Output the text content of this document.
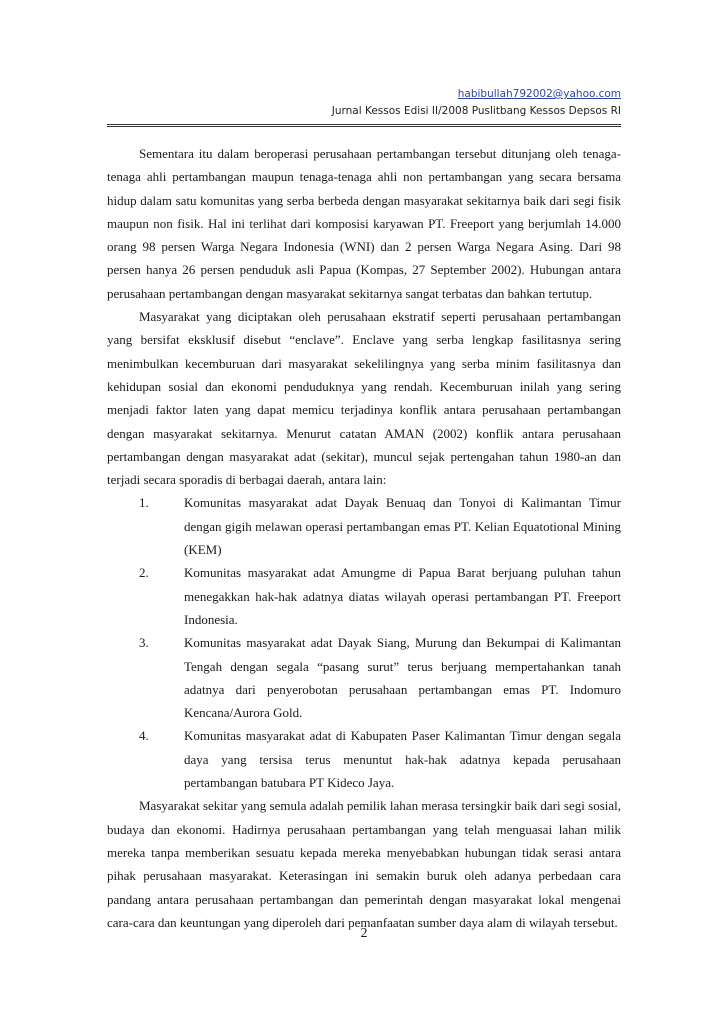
habibullah792002@yahoo.com
Jurnal Kessos Edisi II/2008 Puslitbang Kessos Depsos RI

Sementara itu dalam beroperasi perusahaan pertambangan tersebut ditunjang oleh tenaga-tenaga ahli pertambangan maupun tenaga-tenaga ahli non pertambangan yang secara bersama hidup dalam satu komunitas yang serba berbeda dengan masyarakat sekitarnya baik dari segi fisik maupun non fisik. Hal ini terlihat dari komposisi karyawan PT. Freeport yang berjumlah 14.000 orang 98 persen Warga Negara Indonesia (WNI) dan 2 persen Warga Negara Asing. Dari 98 persen hanya 26 persen penduduk asli Papua (Kompas, 27 September 2002). Hubungan antara perusahaan pertambangan dengan masyarakat sekitarnya sangat terbatas dan bahkan tertutup.

Masyarakat yang diciptakan oleh perusahaan ekstratif seperti perusahaan pertambangan yang bersifat eksklusif disebut “enclave”. Enclave yang serba lengkap fasilitasnya sering menimbulkan kecemburuan dari masyarakat sekelilingnya yang serba minim fasilitasnya dan kehidupan sosial dan ekonomi penduduknya yang rendah. Kecemburuan inilah yang sering menjadi faktor laten yang dapat memicu terjadinya konflik antara perusahaan pertambangan dengan masyarakat sekitarnya. Menurut catatan AMAN (2002) konflik antara perusahaan pertambangan dengan masyarakat adat (sekitar), muncul sejak pertengahan tahun 1980-an dan terjadi secara sporadis di berbagai daerah, antara lain:

1.	Komunitas masyarakat adat Dayak Benuaq dan Tonyoi di Kalimantan Timur dengan gigih melawan operasi pertambangan emas PT. Kelian Equatotional Mining (KEM)
2.	Komunitas masyarakat adat Amungme di Papua Barat berjuang puluhan tahun menegakkan hak-hak adatnya diatas wilayah operasi pertambangan PT. Freeport Indonesia.
3.	Komunitas masyarakat adat Dayak Siang, Murung dan Bekumpai di Kalimantan Tengah dengan segala “pasang surut” terus berjuang mempertahankan tanah adatnya dari penyerobotan perusahaan pertambangan emas PT. Indomuro Kencana/Aurora Gold.
4.	Komunitas masyarakat adat di Kabupaten Paser Kalimantan Timur dengan segala daya yang tersisa terus menuntut hak-hak adatnya kepada perusahaan pertambangan batubara PT Kideco Jaya.

Masyarakat sekitar yang semula adalah pemilik lahan merasa tersingkir baik dari segi sosial, budaya dan ekonomi. Hadirnya perusahaan pertambangan yang telah menguasai lahan milik mereka tanpa memberikan sesuatu kepada mereka menyebabkan hubungan tidak serasi antara pihak perusahaan masyarakat. Keterasingan ini semakin buruk oleh adanya perbedaan cara pandang antara perusahaan pertambangan dan pemerintah dengan masyarakat lokal mengenai cara-cara dan keuntungan yang diperoleh dari pemanfaatan sumber daya alam di wilayah tersebut.

2
